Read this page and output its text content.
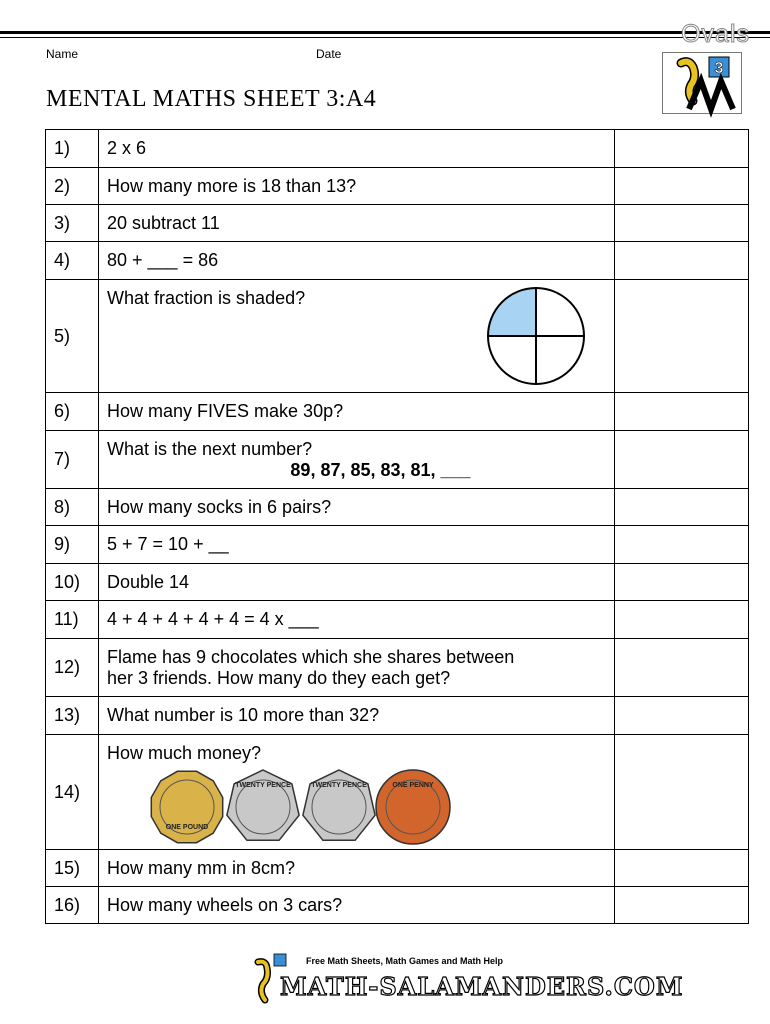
Ovals
Name	Date
MENTAL MATHS SHEET 3:A4
3
1)	2 x 6	
2)	How many more is 18 than 13?	
3)	20 subtract 11	
4)	80 + ___ = 86	
5)	What fraction is shaded?	

6)	How many FIVES make 30p?	
7)	What is the next number?
89, 87, 85, 83, 81, ___	

8)	How many socks in 6 pairs?	
9)	5 + 7 = 10 + __	
10)	Double 14	
11)	4 + 4 + 4 + 4 + 4 = 4 x ___	
12)	Flame has 9 chocolates which she shares between
her 3 friends. How many do they each get?	

13)	What number is 10 more than 32?	
14)	How much money?
ONE POUND
TWENTY PENCE TWENTY PENCE ONE PENNY	

15)	How many mm in 8cm?	
16)	How many wheels on 3 cars?	
Free Math Sheets, Math Games and Math Help
MATH-SALAMANDERS.COM
